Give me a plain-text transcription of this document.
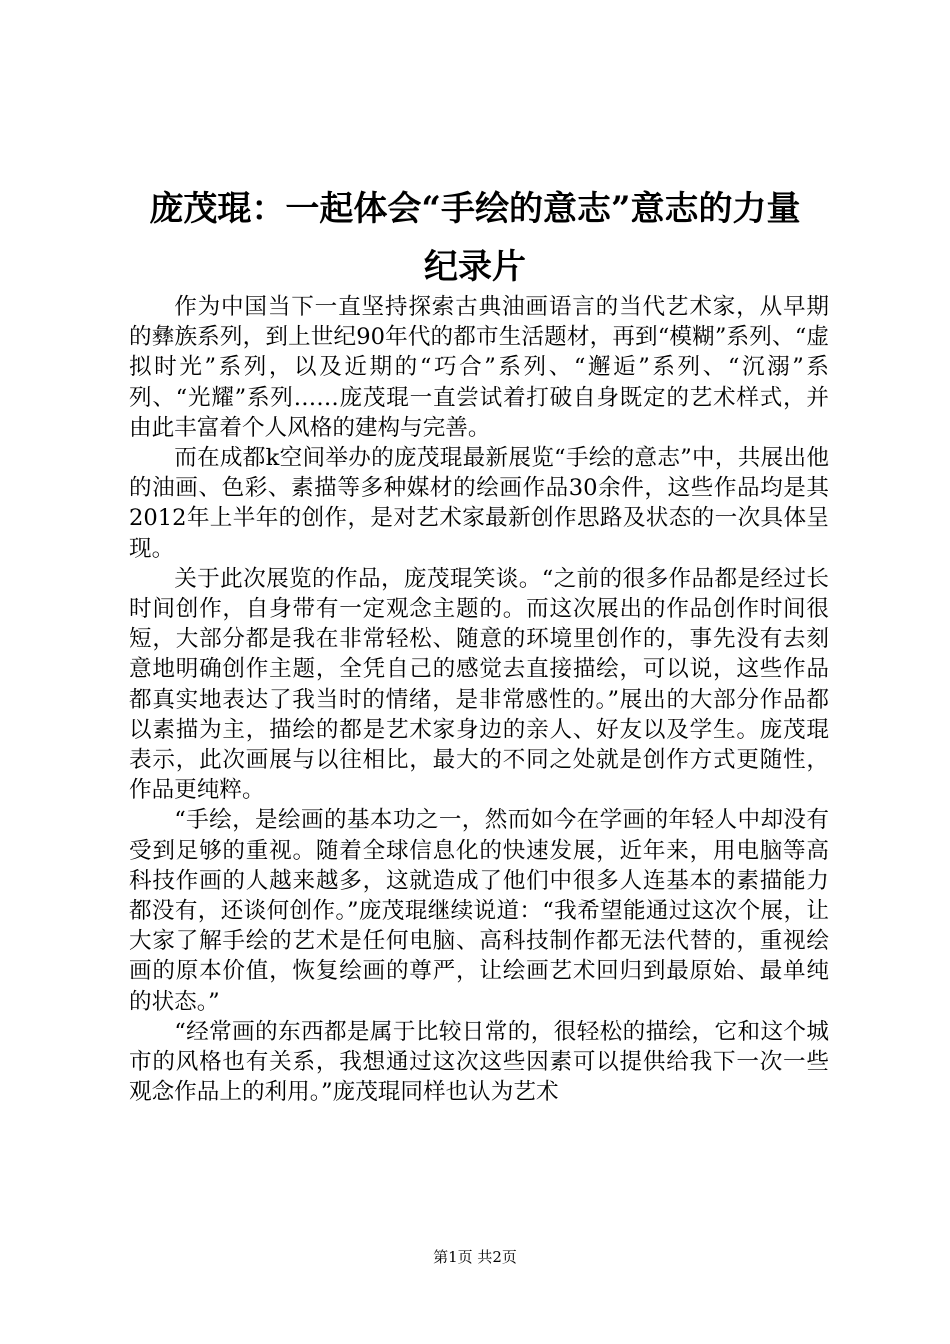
庞茂琨：一起体会“手绘的意志”意志的力量
纪录片

作为中国当下一直坚持探索古典油画语言的当代艺术家，从早期的彝族系列，到上世纪90年代的都市生活题材，再到“模糊”系列、“虚拟时光”系列，以及近期的“巧合”系列、“邂逅”系列、“沉溺”系列、“光耀”系列……庞茂琨一直尝试着打破自身既定的艺术样式，并由此丰富着个人风格的建构与完善。

而在成都k空间举办的庞茂琨最新展览“手绘的意志”中，共展出他的油画、色彩、素描等多种媒材的绘画作品30余件，这些作品均是其2012年上半年的创作，是对艺术家最新创作思路及状态的一次具体呈现。

关于此次展览的作品，庞茂琨笑谈。“之前的很多作品都是经过长时间创作，自身带有一定观念主题的。而这次展出的作品创作时间很短，大部分都是我在非常轻松、随意的环境里创作的，事先没有去刻意地明确创作主题，全凭自己的感觉去直接描绘，可以说，这些作品都真实地表达了我当时的情绪，是非常感性的。”展出的大部分作品都以素描为主，描绘的都是艺术家身边的亲人、好友以及学生。庞茂琨表示，此次画展与以往相比，最大的不同之处就是创作方式更随性，作品更纯粹。

“手绘，是绘画的基本功之一，然而如今在学画的年轻人中却没有受到足够的重视。随着全球信息化的快速发展，近年来，用电脑等高科技作画的人越来越多，这就造成了他们中很多人连基本的素描能力都没有，还谈何创作。”庞茂琨继续说道：“我希望能通过这次个展，让大家了解手绘的艺术是任何电脑、高科技制作都无法代替的，重视绘画的原本价值，恢复绘画的尊严，让绘画艺术回归到最原始、最单纯的状态。”

“经常画的东西都是属于比较日常的，很轻松的描绘，它和这个城市的风格也有关系，我想通过这次这些因素可以提供给我下一次一些观念作品上的利用。”庞茂琨同样也认为艺术

第1页 共2页
